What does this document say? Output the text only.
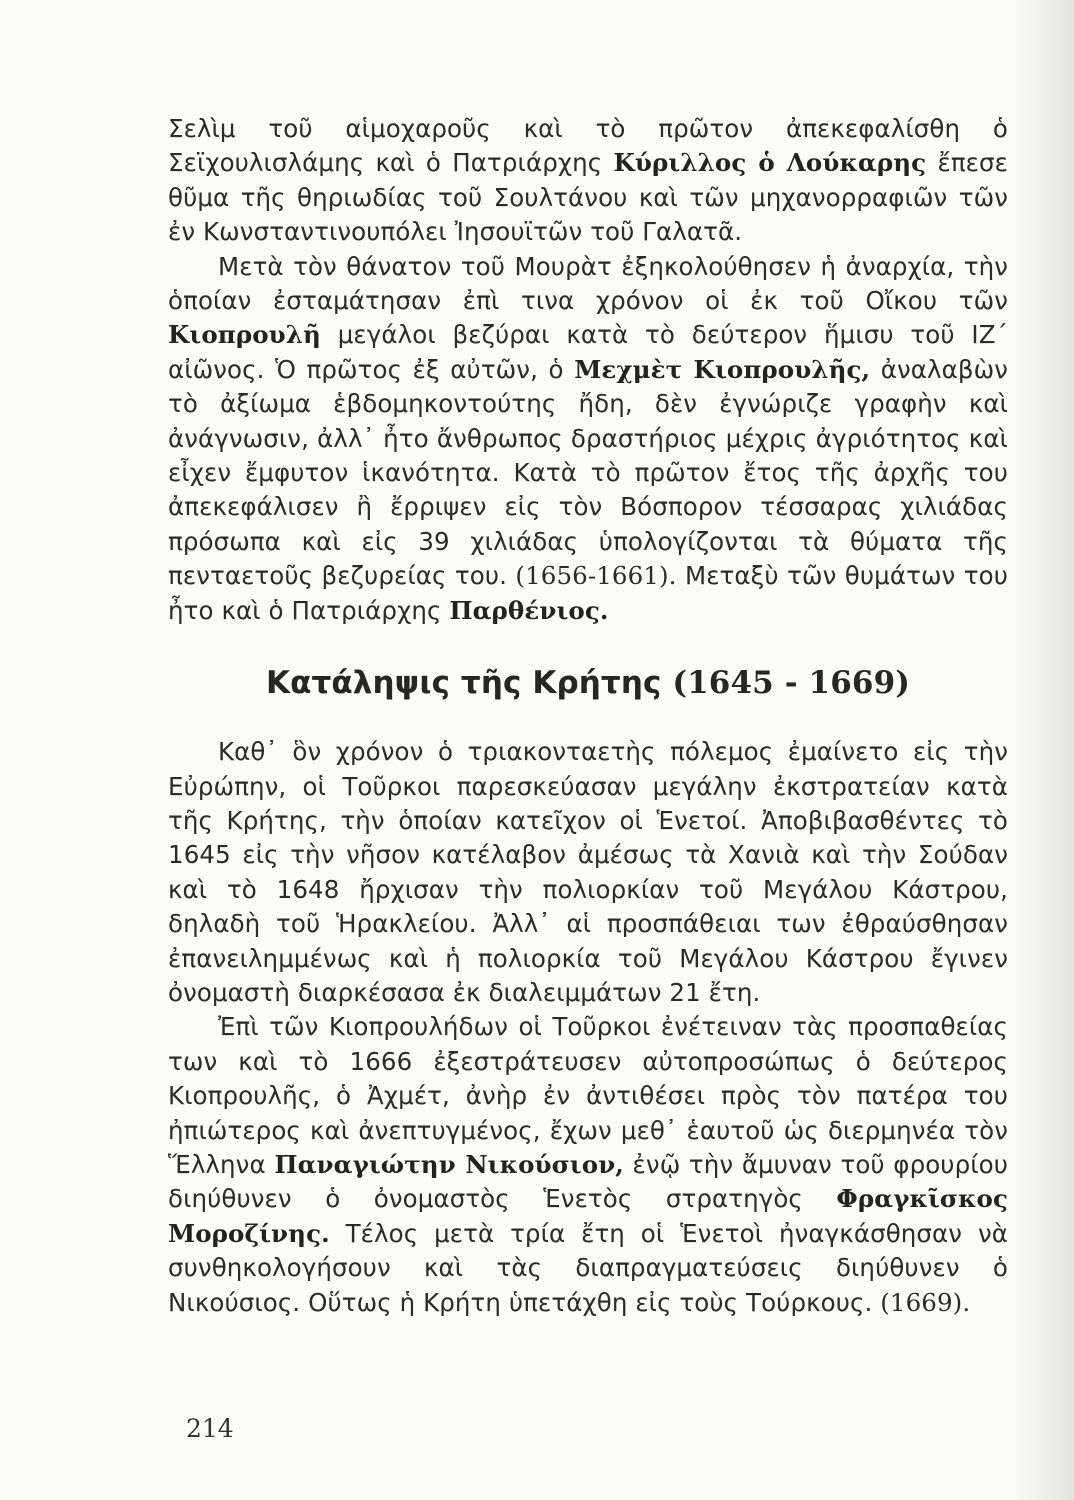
Σελὶμ τοῦ αἱμοχαροῦς καὶ τὸ πρῶτον ἀπεκεφαλίσθη ὁ Σεϊχουλισλάμης καὶ ὁ Πατριάρχης Κύριλλος ὁ Λούκαρης ἔπεσε θῦμα τῆς θηριωδίας τοῦ Σουλτάνου καὶ τῶν μηχανορραφιῶν τῶν ἐν Κωνσταντινουπόλει Ἰησουϊτῶν τοῦ Γαλατᾶ.

Μετὰ τὸν θάνατον τοῦ Μουρὰτ ἐξηκολούθησεν ἡ ἀναρχία, τὴν ὁποίαν ἐσταμάτησαν ἐπὶ τινα χρόνον οἱ ἐκ τοῦ Οἴκου τῶν Κιοπρουλῆ μεγάλοι βεζύραι κατὰ τὸ δεύτερον ἥμισυ τοῦ ΙΖ΄ αἰῶνος. Ὁ πρῶτος ἐξ αὐτῶν, ὁ Μεχμὲτ Κιοπρουλῆς, ἀναλαβὼν τὸ ἀξίωμα ἑβδομηκοντούτης ἤδη, δὲν ἐγνώριζε γραφὴν καὶ ἀνάγνωσιν, ἀλλ᾽ ἦτο ἄνθρωπος δραστήριος μέχρις ἀγριότητος καὶ εἶχεν ἔμφυτον ἱκανότητα. Κατὰ τὸ πρῶτον ἔτος τῆς ἀρχῆς του ἀπεκεφάλισεν ἢ ἔρριψεν εἰς τὸν Βόσπορον τέσσαρας χιλιάδας πρόσωπα καὶ εἰς 39 χιλιάδας ὑπολογίζονται τὰ θύματα τῆς πενταετοῦς βεζυρείας του. (1656-1661). Μεταξὺ τῶν θυμάτων του ἦτο καὶ ὁ Πατριάρχης Παρθένιος.

Κατάληψις τῆς Κρήτης (1645 - 1669)

Καθ᾽ ὃν χρόνον ὁ τριακονταετὴς πόλεμος ἐμαίνετο εἰς τὴν Εὐρώπην, οἱ Τοῦρκοι παρεσκεύασαν μεγάλην ἐκστρατείαν κατὰ τῆς Κρήτης, τὴν ὁποίαν κατεῖχον οἱ Ἑνετοί. Ἀποβιβασθέντες τὸ 1645 εἰς τὴν νῆσον κατέλαβον ἀμέσως τὰ Χανιὰ καὶ τὴν Σούδαν καὶ τὸ 1648 ἤρχισαν τὴν πολιορκίαν τοῦ Μεγάλου Κάστρου, δηλαδὴ τοῦ Ἡρακλείου. Ἀλλ᾽ αἱ προσπάθειαι των ἐθραύσθησαν ἐπανειλημμένως καὶ ἡ πολιορκία τοῦ Μεγάλου Κάστρου ἔγινεν ὀνομαστὴ διαρκέσασα ἐκ διαλειμμάτων 21 ἔτη.

Ἐπὶ τῶν Κιοπρουλήδων οἱ Τοῦρκοι ἐνέτειναν τὰς προσπαθείας των καὶ τὸ 1666 ἐξεστράτευσεν αὐτοπροσώπως ὁ δεύτερος Κιοπρουλῆς, ὁ Ἀχμέτ, ἀνὴρ ἐν ἀντιθέσει πρὸς τὸν πατέρα του ἠπιώτερος καὶ ἀνεπτυγμένος, ἔχων μεθ᾽ ἑαυτοῦ ὡς διερμηνέα τὸν Ἕλληνα Παναγιώτην Νικούσιον, ἐνῷ τὴν ἄμυναν τοῦ φρουρίου διηύθυνεν ὁ ὀνομαστὸς Ἑνετὸς στρατηγὸς Φραγκῖσκος Μοροζίνης. Τέλος μετὰ τρία ἔτη οἱ Ἑνετοὶ ἠναγκάσθησαν νὰ συνθηκολογήσουν καὶ τὰς διαπραγματεύσεις διηύθυνεν ὁ Νικούσιος. Οὕτως ἡ Κρήτη ὑπετάχθη εἰς τοὺς Τούρκους. (1669).

214
